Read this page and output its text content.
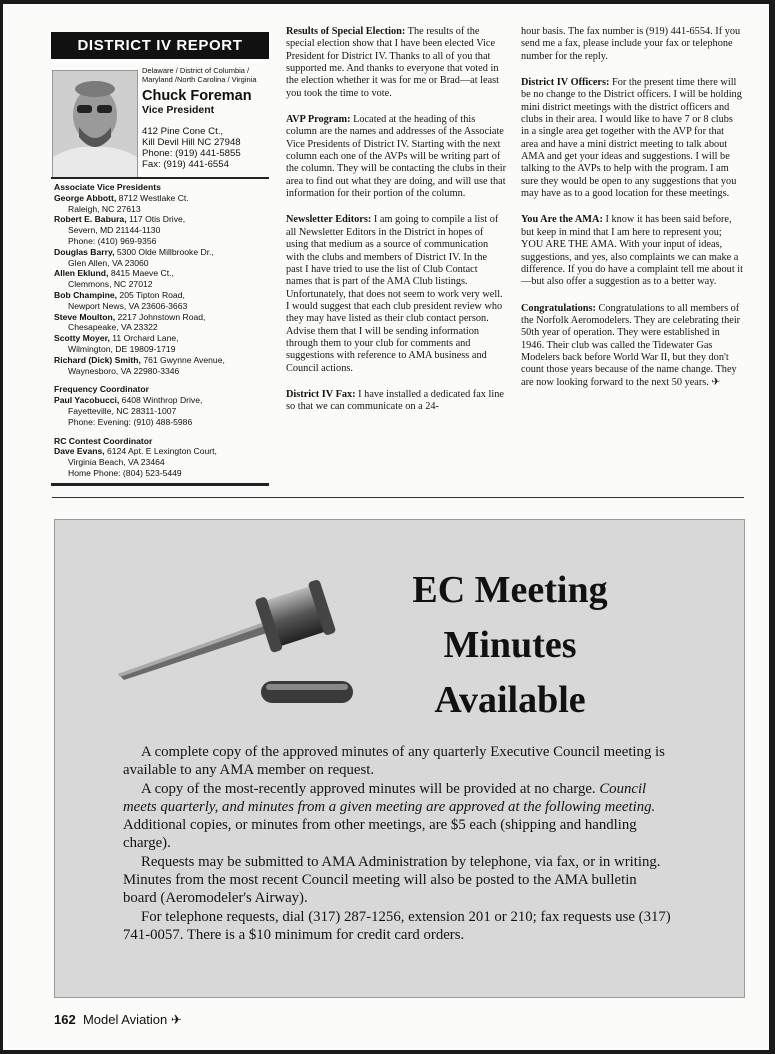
DISTRICT IV REPORT
Delaware / District of Columbia / Maryland /North Carolina / Virginia
Chuck Foreman
Vice President
412 Pine Cone Ct.,
Kill Devil Hill NC 27948
Phone: (919) 441-5855
Fax: (919) 441-6554
Associate Vice Presidents
George Abbott, 8712 Westlake Ct.
Raleigh, NC 27613
Robert E. Babura, 117 Otis Drive,
Severn, MD 21144-1130
Phone: (410) 969-9356
Douglas Barry, 5300 Olde Millbrooke Dr.,
Glen Allen, VA 23060
Allen Eklund, 8415 Maeve Ct.,
Clemmons, NC 27012
Bob Champine, 205 Tipton Road,
Newport News, VA 23606-3663
Steve Moulton, 2217 Johnstown Road,
Chesapeake, VA 23322
Scotty Moyer, 11 Orchard Lane,
Wilmington, DE 19809-1719
Richard (Dick) Smith, 761 Gwynne Avenue,
Waynesboro, VA 22980-3346
Frequency Coordinator
Paul Yacobucci, 6408 Winthrop Drive,
Fayetteville, NC 28311-1007
Phone: Evening: (910) 488-5986
RC Contest Coordinator
Dave Evans, 6124 Apt. E Lexington Court,
Virginia Beach, VA 23464
Home Phone: (804) 523-5449

Results of Special Election: The results of the special election show that I have been elected Vice President for District IV. Thanks to all of you that supported me. And thanks to everyone that voted in the election whether it was for me or Brad—at least you took the time to vote.

AVP Program: Located at the heading of this column are the names and addresses of the Associate Vice Presidents of District IV. Starting with the next column each one of the AVPs will be writing part of the column. They will be contacting the clubs in their area to find out what they are doing, and will use that information for their portion of the column.

Newsletter Editors: I am going to compile a list of all Newsletter Editors in the District in hopes of using that medium as a source of communication with the clubs and members of District IV. In the past I have tried to use the list of Club Contact names that is part of the AMA Club listings. Unfortunately, that does not seem to work very well. I would suggest that each club president review who they may have listed as their club contact person. Advise them that I will be sending information through them to your club for comments and suggestions with reference to AMA business and Council actions.

District IV Fax: I have installed a dedicated fax line so that we can communicate on a 24-

hour basis. The fax number is (919) 441-6554. If you send me a fax, please include your fax or telephone number for the reply.

District IV Officers: For the present time there will be no change to the District officers. I will be holding mini district meetings with the district officers and clubs in their area. I would like to have 7 or 8 clubs in a single area get together with the AVP for that area and have a mini district meeting to talk about AMA and get your ideas and suggestions. I will be talking to the AVPs to help with the program. I am sure they would be open to any suggestions that you may have as to a good location for these meetings.

You Are the AMA: I know it has been said before, but keep in mind that I am here to represent you; YOU ARE THE AMA. With your input of ideas, suggestions, and yes, also complaints we can make a difference. If you do have a complaint tell me about it—but also offer a suggestion as to a better way.

Congratulations: Congratulations to all members of the Norfolk Aeromodelers. They are celebrating their 50th year of operation. They were established in 1946. Their club was called the Tidewater Gas Modelers back before World War II, but they don't count those years because of the name change. They are now looking forward to the next 50 years. ✈

EC Meeting
Minutes
Available

A complete copy of the approved minutes of any quarterly Executive Council meeting is available to any AMA member on request.

A copy of the most-recently approved minutes will be provided at no charge. Council meets quarterly, and minutes from a given meeting are approved at the following meeting. Additional copies, or minutes from other meetings, are $5 each (shipping and handling charge).

Requests may be submitted to AMA Administration by telephone, via fax, or in writing. Minutes from the most recent Council meeting will also be posted to the AMA bulletin board (Aeromodeler's Airway).

For telephone requests, dial (317) 287-1256, extension 201 or 210; fax requests use (317) 741-0057. There is a $10 minimum for credit card orders.

162 Model Aviation ✈
